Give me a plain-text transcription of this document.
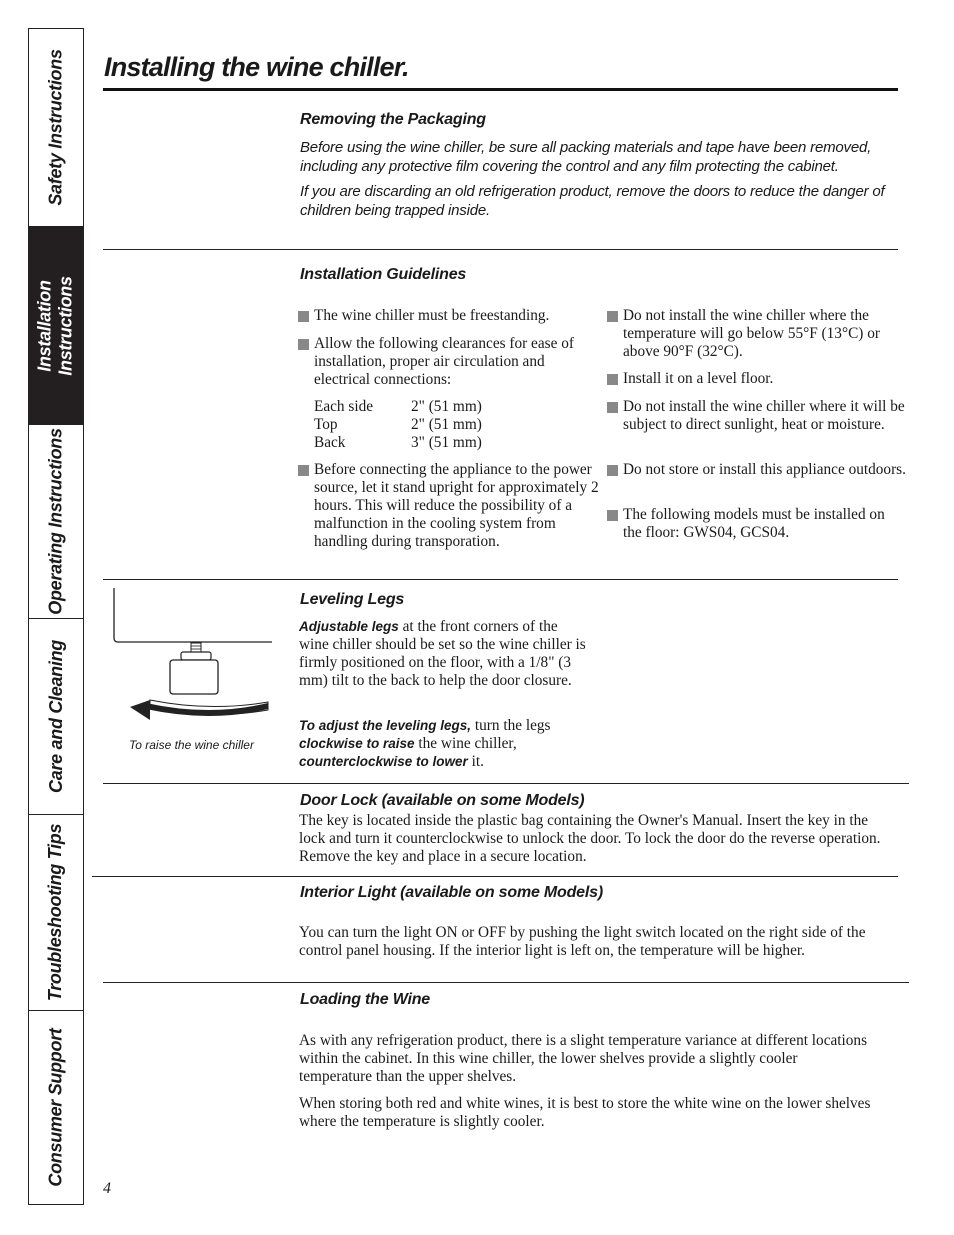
Safety Instructions
Installation Instructions
Operating Instructions
Care and Cleaning
Troubleshooting Tips
Consumer Support
Installing the wine chiller.
Removing the Packaging

Before using the wine chiller, be sure all packing materials and tape have been removed, including any protective film covering the control and any film protecting the cabinet.

If you are discarding an old refrigeration product, remove the doors to reduce the danger of children being trapped inside.

Installation Guidelines

The wine chiller must be freestanding.

Allow the following clearances for ease of installation, proper air circulation and electrical connections:

Each side	2" (51 mm)
Top	2" (51 mm)
Back	3" (51 mm)

Before connecting the appliance to the power source, let it stand upright for approximately 2 hours. This will reduce the possibility of a malfunction in the cooling system from handling during transporation.

Do not install the wine chiller where the temperature will go below 55°F (13°C) or above 90°F (32°C).

Install it on a level floor.

Do not install the wine chiller where it will be subject to direct sunlight, heat or moisture.

Do not store or install this appliance outdoors.

The following models must be installed on the floor: GWS04, GCS04.

To raise the wine chiller
Leveling Legs

Adjustable legs at the front corners of the wine chiller should be set so the wine chiller is firmly positioned on the floor, with a 1/8" (3 mm) tilt to the back to help the door closure.

To adjust the leveling legs, turn the legs clockwise to raise the wine chiller, counterclockwise to lower it.

Door Lock (available on some Models)

The key is located inside the plastic bag containing the Owner's Manual. Insert the key in the lock and turn it counterclockwise to unlock the door. To lock the door do the reverse operation. Remove the key and place in a secure location.

Interior Light (available on some Models)

You can turn the light ON or OFF by pushing the light switch located on the right side of the control panel housing. If the interior light is left on, the temperature will be higher.

Loading the Wine

As with any refrigeration product, there is a slight temperature variance at different locations within the cabinet. In this wine chiller, the lower shelves provide a slightly cooler temperature than the upper shelves.

When storing both red and white wines, it is best to store the white wine on the lower shelves where the temperature is slightly cooler.

4
